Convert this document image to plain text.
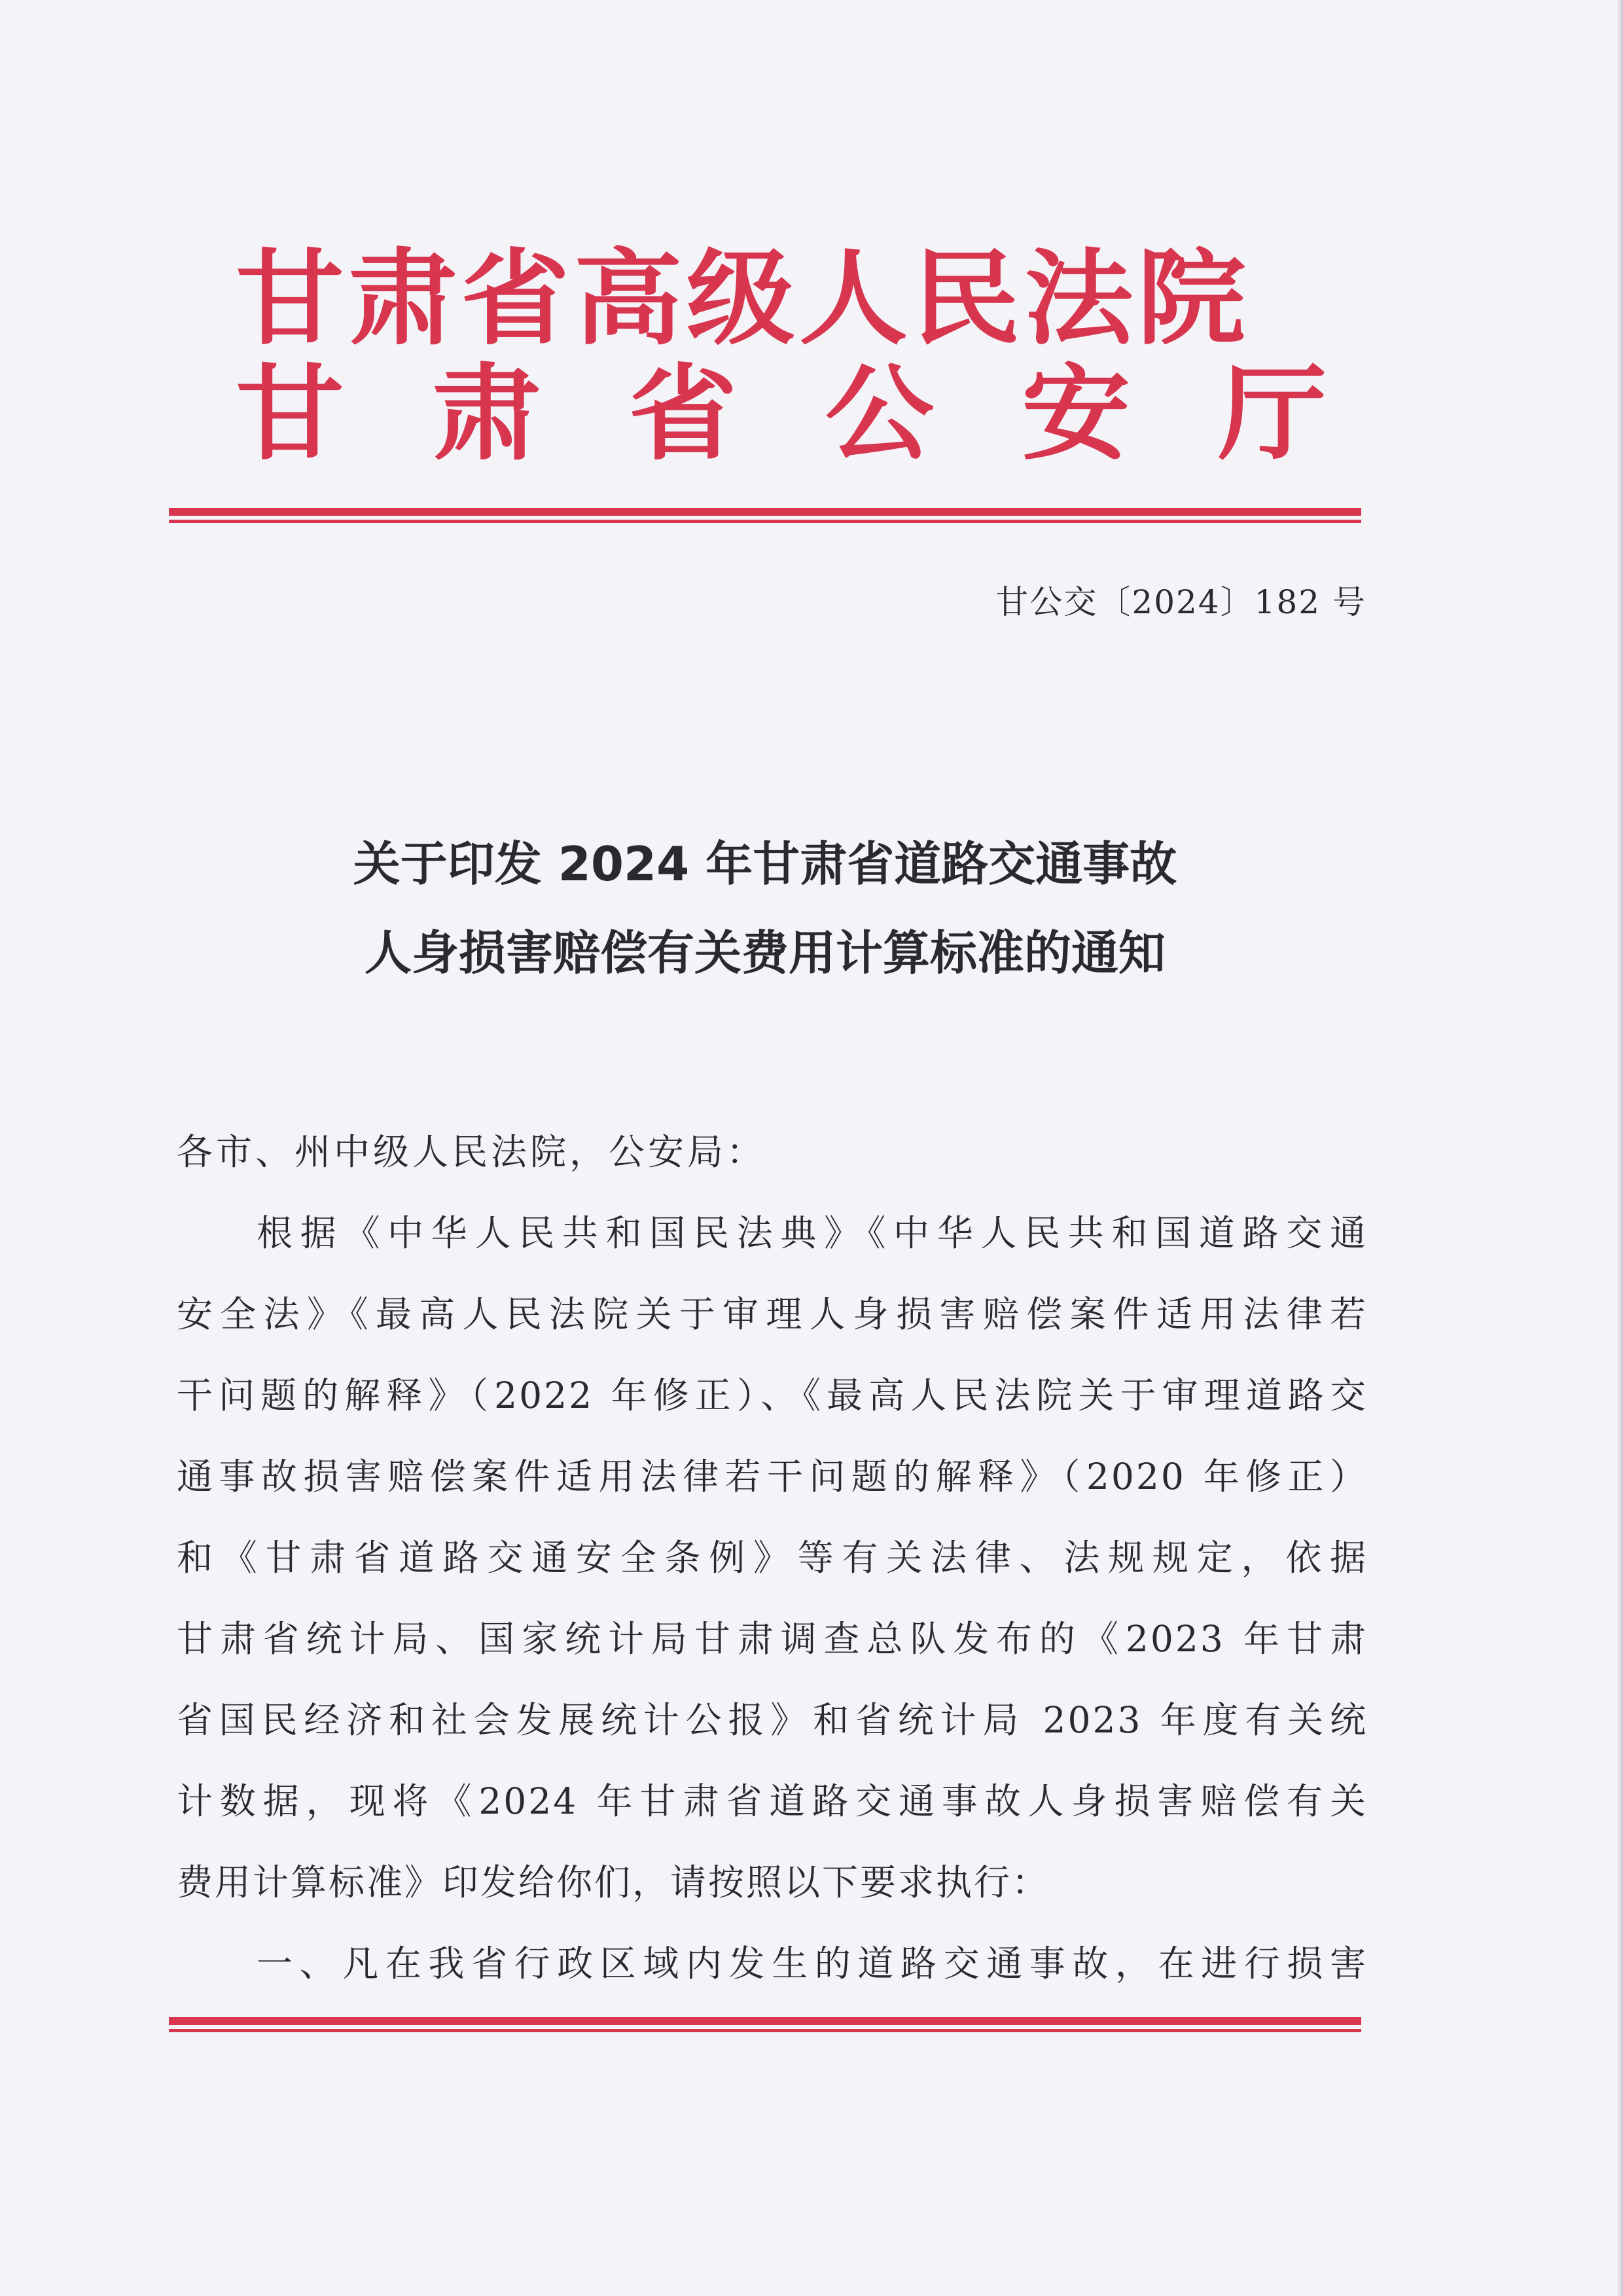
甘肃省高级人民法院
甘肃省公安厅
甘公交〔2024〕182 号
关于印发 2024 年甘肃省道路交通事故
人身损害赔偿有关费用计算标准的通知
各市、州中级人民法院，公安局：
根据《中华人民共和国民法典》《中华人民共和国道路交通
安全法》《最高人民法院关于审理人身损害赔偿案件适用法律若
干问题的解释》（2022 年修正）、《最高人民法院关于审理道路交
通事故损害赔偿案件适用法律若干问题的解释》（2020 年修正）
和《甘肃省道路交通安全条例》等有关法律、法规规定，依据
甘肃省统计局、国家统计局甘肃调查总队发布的《2023 年甘肃
省国民经济和社会发展统计公报》和省统计局 2023 年度有关统
计数据，现将《2024 年甘肃省道路交通事故人身损害赔偿有关
费用计算标准》印发给你们，请按照以下要求执行：
一、凡在我省行政区域内发生的道路交通事故，在进行损害
